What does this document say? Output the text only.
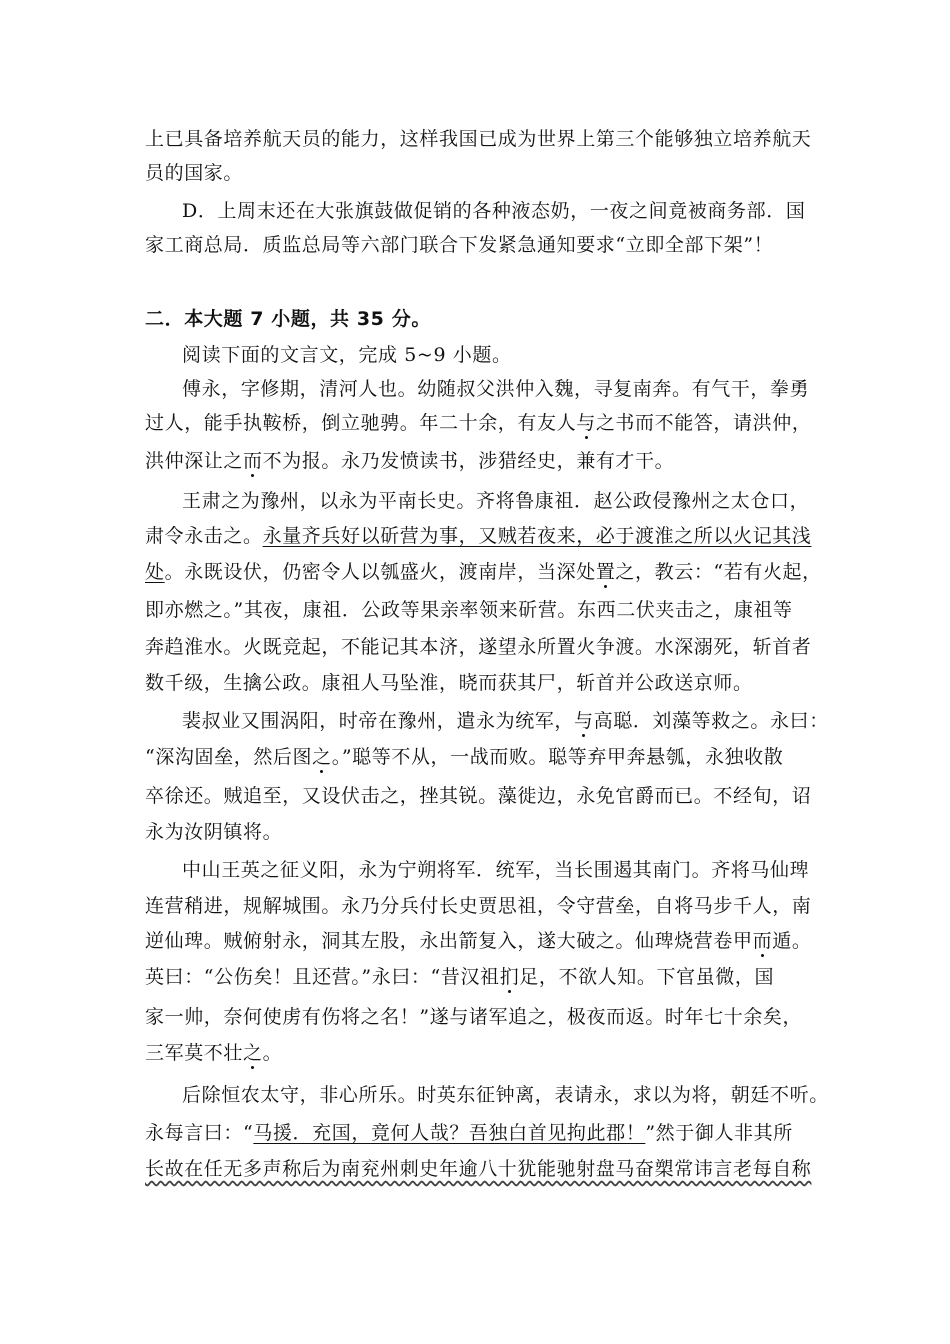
上已具备培养航天员的能力，这样我国已成为世界上第三个能够独立培养航天
员的国家。
D．上周末还在大张旗鼓做促销的各种液态奶，一夜之间竟被商务部．国
家工商总局．质监总局等六部门联合下发紧急通知要求“立即全部下架”！
二．本大题 7 小题，共 35 分。
阅读下面的文言文，完成 5~9 小题。
傅永，字修期，清河人也。幼随叔父洪仲入魏，寻复南奔。有气干，拳勇
过人，能手执鞍桥，倒立驰骋。年二十余，有友人与之书而不能答，请洪仲，
洪仲深让之而不为报。永乃发愤读书，涉猎经史，兼有才干。
王肃之为豫州，以永为平南长史。齐将鲁康祖．赵公政侵豫州之太仓口，
肃令永击之。永量齐兵好以斫营为事，又贼若夜来，必于渡淮之所以火记其浅
处。永既设伏，仍密令人以瓠盛火，渡南岸，当深处置之，教云：“若有火起，
即亦燃之。”其夜，康祖．公政等果亲率领来斫营。东西二伏夹击之，康祖等
奔趋淮水。火既竞起，不能记其本济，遂望永所置火争渡。水深溺死，斩首者
数千级，生擒公政。康祖人马坠淮，晓而获其尸，斩首并公政送京师。
裴叔业又围涡阳，时帝在豫州，遣永为统军，与高聪．刘藻等救之。永曰：
“深沟固垒，然后图之。”聪等不从，一战而败。聪等弃甲奔悬瓠，永独收散
卒徐还。贼追至，又设伏击之，挫其锐。藻徙边，永免官爵而已。不经旬，诏
永为汝阴镇将。
中山王英之征义阳，永为宁朔将军．统军，当长围遏其南门。齐将马仙琕
连营稍进，规解城围。永乃分兵付长史贾思祖，令守营垒，自将马步千人，南
逆仙琕。贼俯射永，洞其左股，永出箭复入，遂大破之。仙琕烧营卷甲而遁。
英曰：“公伤矣！且还营。”永曰：“昔汉祖扪足，不欲人知。下官虽微，国
家一帅，奈何使虏有伤将之名！”遂与诸军追之，极夜而返。时年七十余矣，
三军莫不壮之。
后除恒农太守，非心所乐。时英东征钟离，表请永，求以为将，朝廷不听。
永每言曰：“马援．充国，竟何人哉？吾独白首见拘此郡！”然于御人非其所
长故在任无多声称后为南兖州刺史年逾八十犹能驰射盘马奋槊常讳言老每自称
